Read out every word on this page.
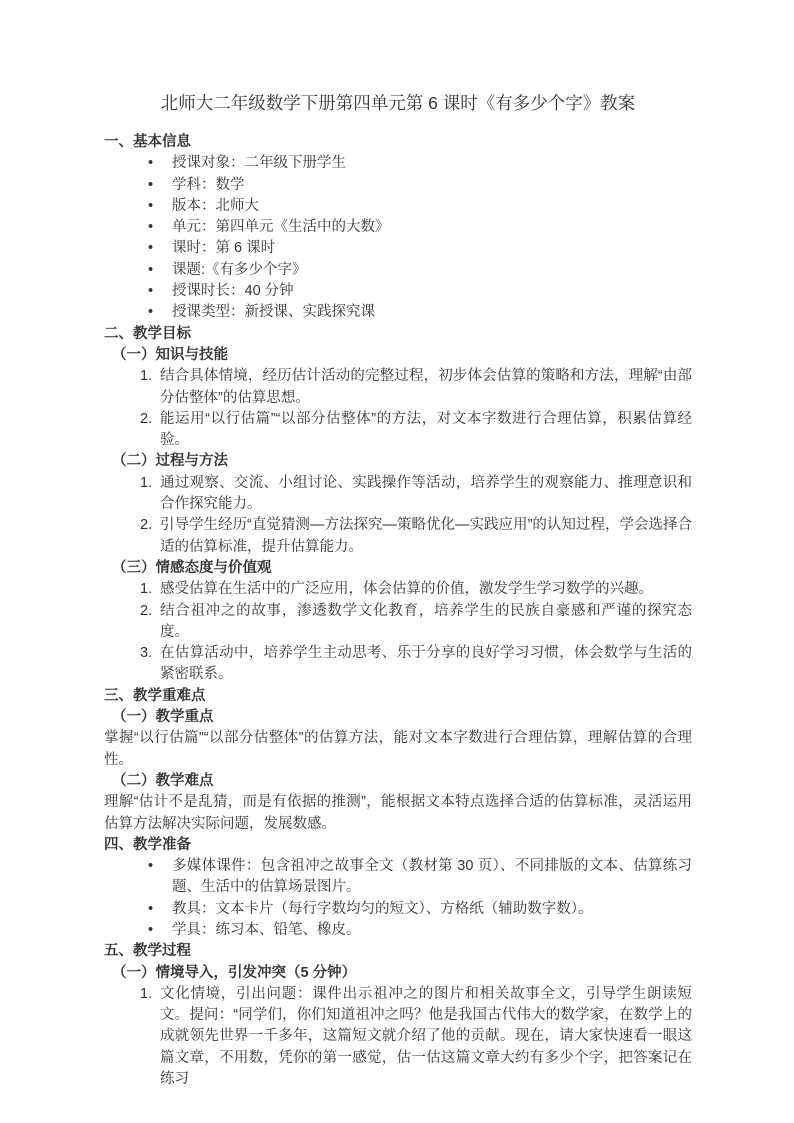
北师大二年级数学下册第四单元第 6 课时《有多少个字》教案
一、基本信息
• 授课对象：二年级下册学生
• 学科：数学
• 版本：北师大
• 单元：第四单元《生活中的大数》
• 课时：第 6 课时
• 课题:《有多少个字》
• 授课时长：40 分钟
• 授课类型：新授课、实践探究课
二、教学目标
（一）知识与技能
1. 结合具体情境，经历估计活动的完整过程，初步体会估算的策略和方法，理解“由部分估整体”的估算思想。
2. 能运用“以行估篇”“以部分估整体”的方法，对文本字数进行合理估算，积累估算经验。
（二）过程与方法
1. 通过观察、交流、小组讨论、实践操作等活动，培养学生的观察能力、推理意识和合作探究能力。
2. 引导学生经历“直觉猜测—方法探究—策略优化—实践应用”的认知过程，学会选择合适的估算标准，提升估算能力。
（三）情感态度与价值观
1. 感受估算在生活中的广泛应用，体会估算的价值，激发学生学习数学的兴趣。
2. 结合祖冲之的故事，渗透数学文化教育，培养学生的民族自豪感和严谨的探究态度。
3. 在估算活动中，培养学生主动思考、乐于分享的良好学习习惯，体会数学与生活的紧密联系。
三、教学重难点
（一）教学重点
掌握“以行估篇”“以部分估整体”的估算方法，能对文本字数进行合理估算，理解估算的合理性。
（二）教学难点
理解“估计不是乱猜，而是有依据的推测”，能根据文本特点选择合适的估算标准，灵活运用估算方法解决实际问题，发展数感。
四、教学准备
• 多媒体课件：包含祖冲之故事全文（教材第 30 页）、不同排版的文本、估算练习题、生活中的估算场景图片。
• 教具：文本卡片（每行字数均匀的短文）、方格纸（辅助数字数）。
• 学具：练习本、铅笔、橡皮。
五、教学过程
（一）情境导入，引发冲突（5 分钟）
1. 文化情境，引出问题：课件出示祖冲之的图片和相关故事全文，引导学生朗读短文。提问：“同学们，你们知道祖冲之吗？他是我国古代伟大的数学家，在数学上的成就领先世界一千多年，这篇短文就介绍了他的贡献。现在，请大家快速看一眼这篇文章，不用数，凭你的第一感觉，估一估这篇文章大约有多少个字，把答案记在练习
